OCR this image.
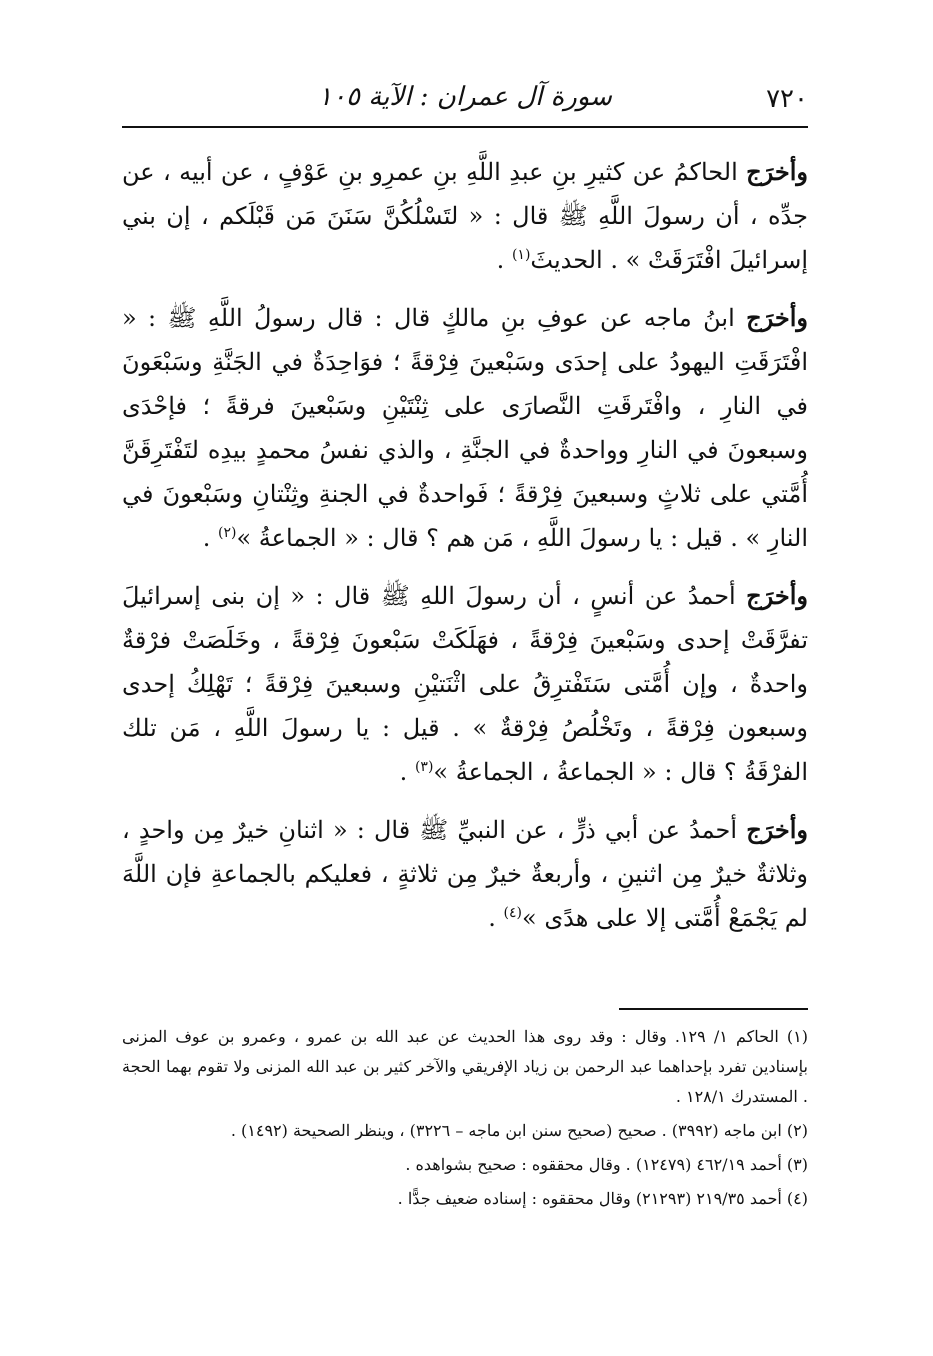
٧٢٠
سورة آل عمران : الآية ١٠٥

وأخرَج الحاكمُ عن كثيرِ بنِ عبدِ اللَّهِ بنِ عمرِو بنِ عَوْفٍ ، عن أبيه ، عن جدِّه ، أن رسولَ اللَّهِ ﷺ قال : « لتَسْلُكُنَّ سَنَنَ مَن قَبْلَكم ، إن بني إسرائيلَ افْتَرَقَتْ » . الحديثَ$^{(١)}$ .

وأخرَج ابنُ ماجه عن عوفِ بنِ مالكٍ قال : قال رسولُ اللَّهِ ﷺ : « افْتَرَقَتِ اليهودُ على إحدَى وسَبْعينَ فِرْقةً ؛ فوَاحِدَةٌ في الجَنَّةِ وسَبْعَونَ في النارِ ، وافْتَرقَتِ النَّصارَى على ثِنْتَيْنِ وسَبْعينَ فرقةً ؛ فإحْدَى وسبعونَ في النارِ وواحدةٌ في الجنَّةِ ، والذي نفسُ محمدٍ بيدِه لتَفْتَرِقَنَّ أُمَّتي على ثلاثٍ وسبعينَ فِرْقةً ؛ فَواحدةٌ في الجنةِ وثِنْتانِ وسَبْعونَ في النارِ » . قيل : يا رسولَ اللَّهِ ، مَن هم ؟ قال : « الجماعةُ »$^{(٢)}$ .

وأخرَج أحمدُ عن أنسٍ ، أن رسولَ اللهِ ﷺ قال : « إن بنى إسرائيلَ تفرَّقَتْ إحدى وسَبْعينَ فِرْقةً ، فهَلَكَتْ سَبْعونَ فِرْقةً ، وخَلَصَتْ فرْقةٌ واحدةٌ ، وإن أُمَّتى سَتَفْترِقُ على اثْنَتيْنِ وسبعينَ فِرْقةً ؛ تَهْلِكُ إحدى وسبعون فِرْقةً ، وتَخْلُصُ فِرْقةٌ » . قيل : يا رسولَ اللَّهِ ، مَن تلك الفرْقَةُ ؟ قال : « الجماعةُ ، الجماعةُ »$^{(٣)}$ .

وأخرَج أحمدُ عن أبي ذرٍّ ، عن النبيِّ ﷺ قال : « اثنانِ خيرٌ مِن واحدٍ ، وثلاثةٌ خيرٌ مِن اثنينِ ، وأربعةٌ خيرٌ مِن ثلاثةٍ ، فعليكم بالجماعةِ فإن اللَّهَ لم يَجْمَعْ أُمَّتى إلا على هدًى »$^{(٤)}$ .

(١) الحاكم ١/ ١٢٩. وقال : وقد روى هذا الحديث عن عبد الله بن عمرو ، وعمرو بن عوف المزنى بإسنادين تفرد بإحداهما عبد الرحمن بن زياد الإفريقي والآخر كثير بن عبد الله المزنى ولا تقوم بهما الحجة . المستدرك ١٢٨/١ .

(٢) ابن ماجه (٣٩٩٢) . صحيح (صحيح سنن ابن ماجه – ٣٢٢٦) ، وينظر الصحيحة (١٤٩٢) .

(٣) أحمد ٤٦٢/١٩ (١٢٤٧٩) . وقال محققوه : صحيح بشواهده .

(٤) أحمد ٢١٩/٣٥ (٢١٢٩٣) وقال محققوه : إسناده ضعيف جدًّا .
